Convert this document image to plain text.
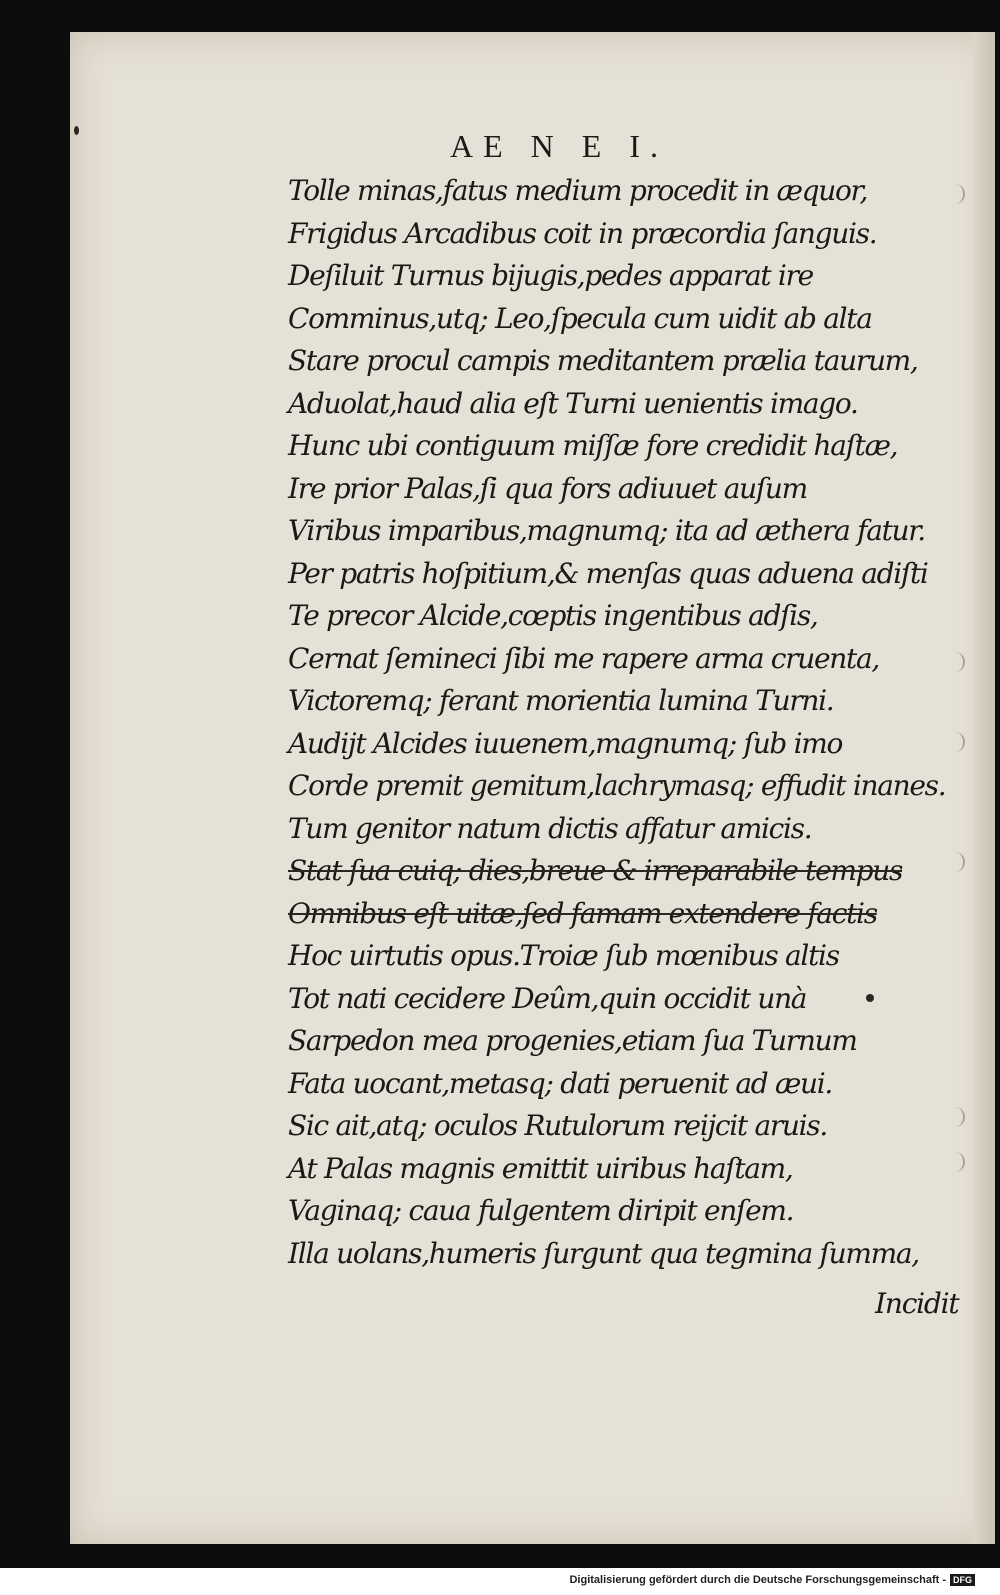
AE N E I.
Tolle minas,fatus medium procedit in æquor,
Frigidus Arcadibus coit in præcordia ſanguis.
Deſiluit Turnus bijugis,pedes apparat ire
Comminus,utq; Leo,ſpecula cum uidit ab alta
Stare procul campis meditantem prælia taurum,
Aduolat,haud alia eſt Turni uenientis imago.
Hunc ubi contiguum miſſæ fore credidit haſtæ,
Ire prior Palas,ſi qua fors adiuuet auſum
Viribus imparibus,magnumq; ita ad æthera fatur.
Per patris hoſpitium,& menſas quas aduena adiſti
Te precor Alcide,cœptis ingentibus adſis,
Cernat ſemineci ſibi me rapere arma cruenta,
Victoremq; ferant morientia lumina Turni.
Audijt Alcides iuuenem,magnumq; ſub imo
Corde premit gemitum,lachrymasq; effudit inanes.
Tum genitor natum dictis affatur amicis.
Stat ſua cuiq; dies,breue & irreparabile tempus
Omnibus eſt uitæ,ſed famam extendere factis
Hoc uirtutis opus.Troiæ ſub mœnibus altis
Tot nati cecidere Deûm,quin occidit unà
Sarpedon mea progenies,etiam ſua Turnum
Fata uocant,metasq; dati peruenit ad æui.
Sic ait,atq; oculos Rutulorum reijcit aruis.
At Palas magnis emittit uiribus haſtam,
Vaginaq; caua fulgentem diripit enſem.
Illa uolans,humeris ſurgunt qua tegmina ſumma,
Incidit
Digitalisierung gefördert durch die Deutsche Forschungsgemeinschaft - DFG
